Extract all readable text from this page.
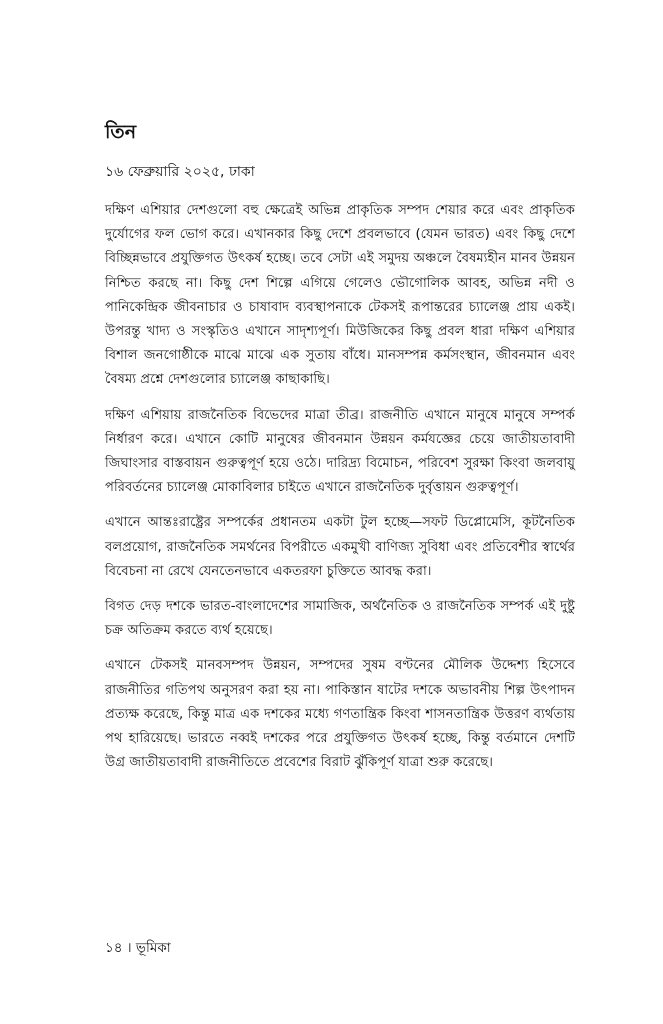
তিন
১৬ ফেব্রুয়ারি ২০২৫, ঢাকা

দক্ষিণ এশিয়ার দেশগুলো বহু ক্ষেত্রেই অভিন্ন প্রাকৃতিক সম্পদ শেয়ার করে এবং প্রাকৃতিক দুর্যোগের ফল ভোগ করে। এখানকার কিছু দেশে প্রবলভাবে (যেমন ভারত) এবং কিছু দেশে বিচ্ছিন্নভাবে প্রযুক্তিগত উৎকর্ষ হচ্ছে। তবে সেটা এই সমুদয় অঞ্চলে বৈষম্যহীন মানব উন্নয়ন নিশ্চিত করছে না। কিছু দেশ শিল্পে এগিয়ে গেলেও ভৌগোলিক আবহ, অভিন্ন নদী ও পানিকেন্দ্রিক জীবনাচার ও চাষাবাদ ব্যবস্থাপনাকে টেকসই রূপান্তরের চ্যালেঞ্জ প্রায় একই। উপরন্তু খাদ্য ও সংস্কৃতিও এখানে সাদৃশ্যপূর্ণ। মিউজিকের কিছু প্রবল ধারা দক্ষিণ এশিয়ার বিশাল জনগোষ্ঠীকে মাঝে মাঝে এক সুতায় বাঁধে। মানসম্পন্ন কর্মসংস্থান, জীবনমান এবং বৈষম্য প্রশ্নে দেশগুলোর চ্যালেঞ্জ কাছাকাছি।

দক্ষিণ এশিয়ায় রাজনৈতিক বিভেদের মাত্রা তীব্র। রাজনীতি এখানে মানুষে মানুষে সম্পর্ক নির্ধারণ করে। এখানে কোটি মানুষের জীবনমান উন্নয়ন কর্মযজ্ঞের চেয়ে জাতীয়তাবাদী জিঘাংসার বাস্তবায়ন গুরুত্বপূর্ণ হয়ে ওঠে। দারিদ্র্য বিমোচন, পরিবেশ সুরক্ষা কিংবা জলবায়ু পরিবর্তনের চ্যালেঞ্জ মোকাবিলার চাইতে এখানে রাজনৈতিক দুর্বৃত্তায়ন গুরুত্বপূর্ণ।

এখানে আন্তঃরাষ্ট্রের সম্পর্কের প্রধানতম একটা টুল হচ্ছে—সফট ডিপ্লোমেসি, কূটনৈতিক বলপ্রয়োগ, রাজনৈতিক সমর্থনের বিপরীতে একমুখী বাণিজ্য সুবিধা এবং প্রতিবেশীর স্বার্থের বিবেচনা না রেখে যেনতেনভাবে একতরফা চুক্তিতে আবদ্ধ করা।

বিগত দেড় দশকে ভারত-বাংলাদেশের সামাজিক, অর্থনৈতিক ও রাজনৈতিক সম্পর্ক এই দুষ্টু চক্র অতিক্রম করতে ব্যর্থ হয়েছে।

এখানে টেকসই মানবসম্পদ উন্নয়ন, সম্পদের সুষম বণ্টনের মৌলিক উদ্দেশ্য হিসেবে রাজনীতির গতিপথ অনুসরণ করা হয় না। পাকিস্তান ষাটের দশকে অভাবনীয় শিল্প উৎপাদন প্রত্যক্ষ করেছে, কিন্তু মাত্র এক দশকের মধ্যে গণতান্ত্রিক কিংবা শাসনতান্ত্রিক উত্তরণ ব্যর্থতায় পথ হারিয়েছে। ভারতে নব্বই দশকের পরে প্রযুক্তিগত উৎকর্ষ হচ্ছে, কিন্তু বর্তমানে দেশটি উগ্র জাতীয়তাবাদী রাজনীতিতে প্রবেশের বিরাট ঝুঁকিপূর্ণ যাত্রা শুরু করেছে।

১৪ । ভূমিকা
